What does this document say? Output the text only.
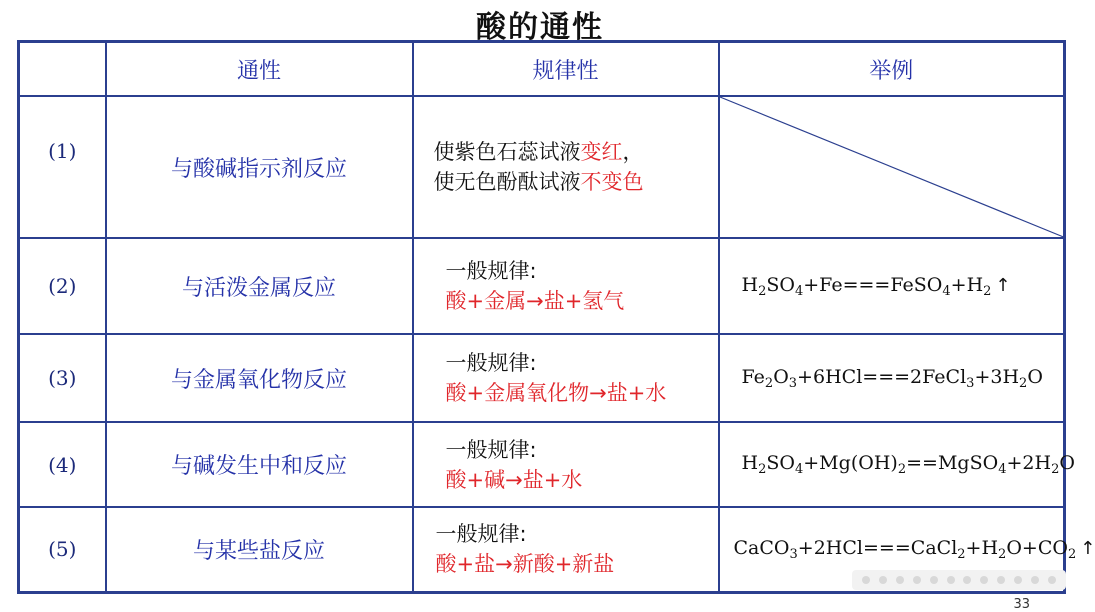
酸的通性
	通性	规律性	举例
(1)	与酸碱指示剂反应	使紫色石蕊试液变红，
使无色酚酞试液不变色

(2)	与活泼金属反应	一般规律:
酸+金属→盐+氢气	$H_2SO_4+Fe===FeSO_4+H_2$ ↑
(3)	与金属氧化物反应	一般规律:
酸+金属氧化物→盐+水	$Fe_2O_3+6HCl===2FeCl_3+3H_2O$
(4)	与碱发生中和反应	一般规律:
酸+碱→盐+水	$H_2SO_4+Mg(OH)_2==MgSO_4+2H_2O$
(5)	与某些盐反应	一般规律:
酸+盐→新酸+新盐	$CaCO_3+2HCl===CaCl_2+H_2O+CO_2$ ↑
33
